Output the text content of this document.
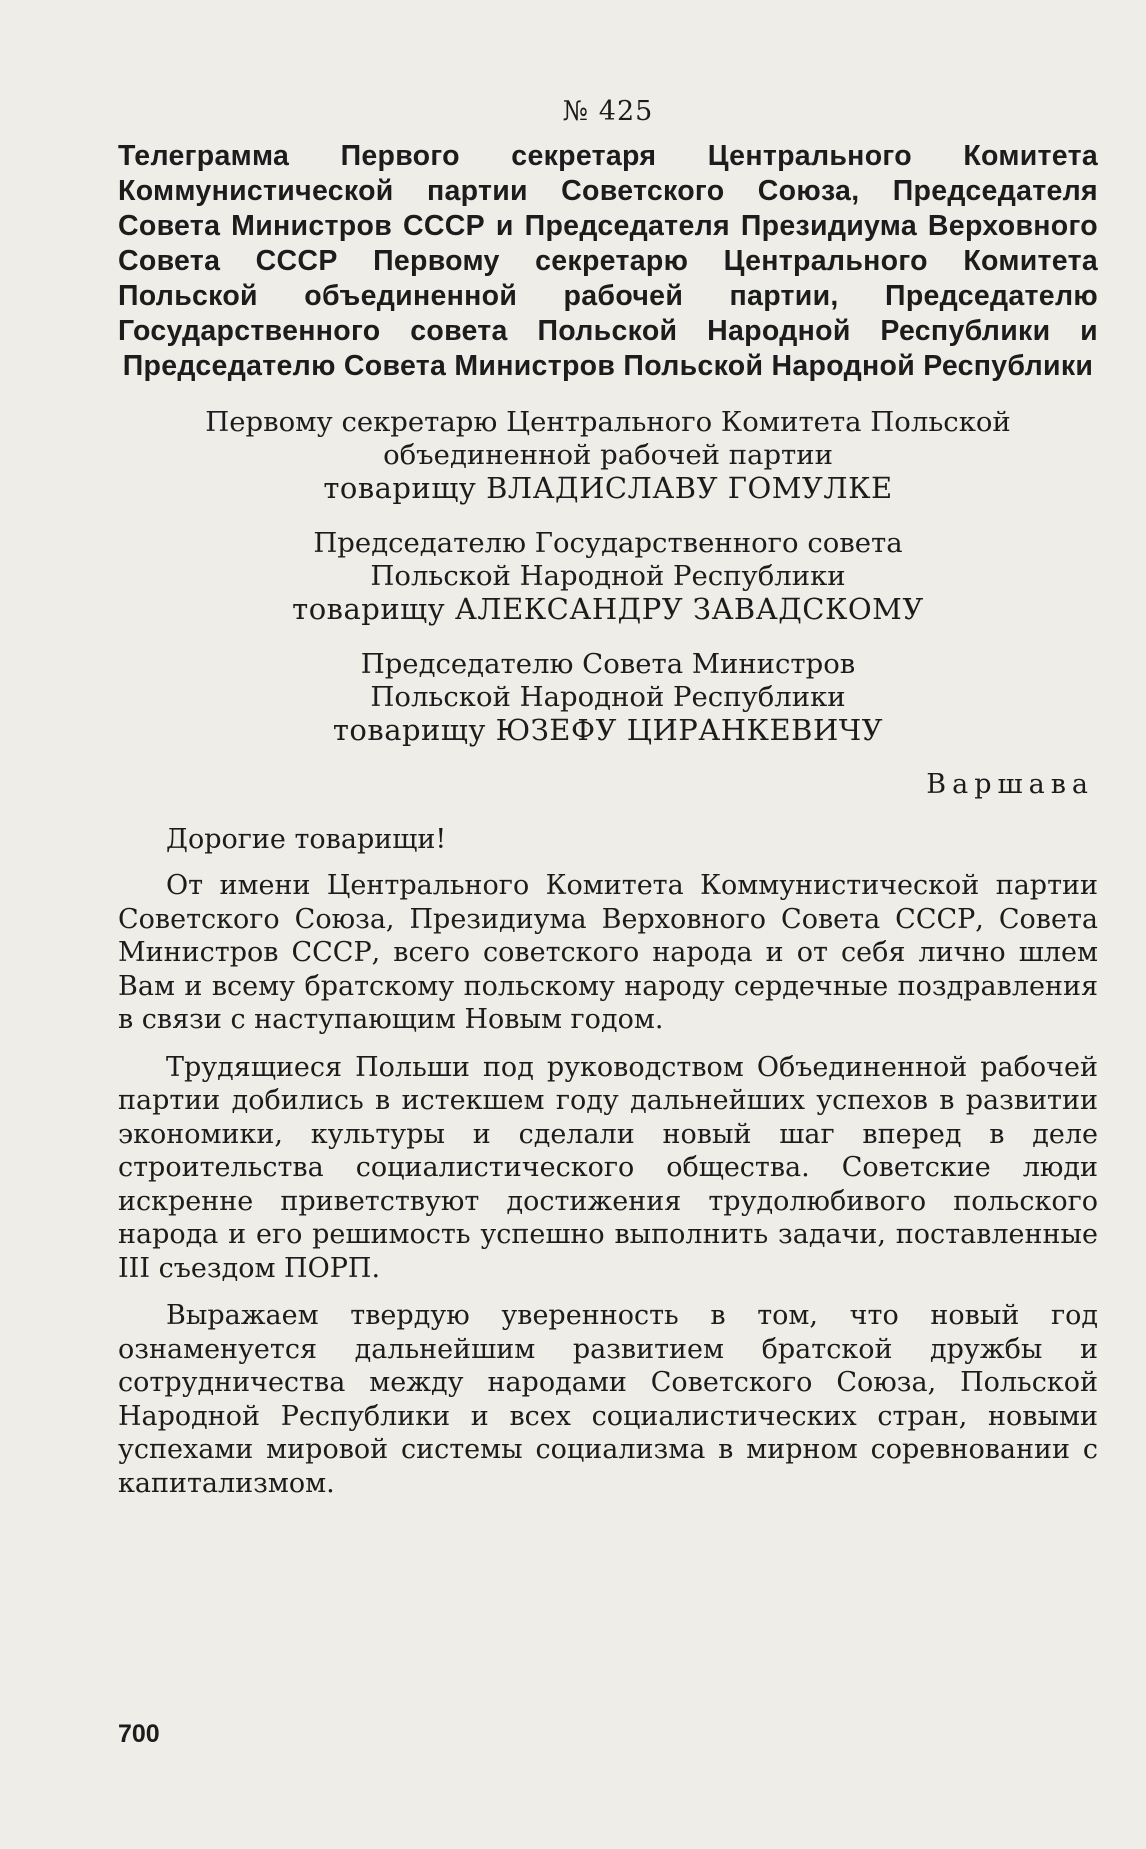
№ 425
Телеграмма Первого секретаря Центрального Комитета Коммунистической партии Советского Союза, Председателя Совета Министров СССР и Председателя Президиума Верховного Совета СССР Первому секретарю Центрального Комитета Польской объединенной рабочей партии, Председателю Государственного совета Польской Народной Республики и Председателю Совета Министров Польской Народной Республики
Первому секретарю Центрального Комитета Польской
объединенной рабочей партии
товарищу ВЛАДИСЛАВУ ГОМУЛКЕ
Председателю Государственного совета
Польской Народной Республики
товарищу АЛЕКСАНДРУ ЗАВАДСКОМУ
Председателю Совета Министров
Польской Народной Республики
товарищу ЮЗЕФУ ЦИРАНКЕВИЧУ
Варшава
Дорогие товарищи!

От имени Центрального Комитета Коммунистической партии Советского Союза, Президиума Верховного Совета СССР, Совета Министров СССР, всего советского народа и от себя лично шлем Вам и всему братскому польскому народу сердечные поздравления в связи с наступающим Новым годом.

Трудящиеся Польши под руководством Объединенной рабочей партии добились в истекшем году дальнейших успехов в развитии экономики, культуры и сделали новый шаг вперед в деле строительства социалистического общества. Советские люди искренне приветствуют достижения трудолюбивого польского народа и его решимость успешно выполнить задачи, поставленные III съездом ПОРП.

Выражаем твердую уверенность в том, что новый год ознаменуется дальнейшим развитием братской дружбы и сотрудничества между народами Советского Союза, Польской Народной Республики и всех социалистических стран, новыми успехами мировой системы социализма в мирном соревновании с капитализмом.

700
